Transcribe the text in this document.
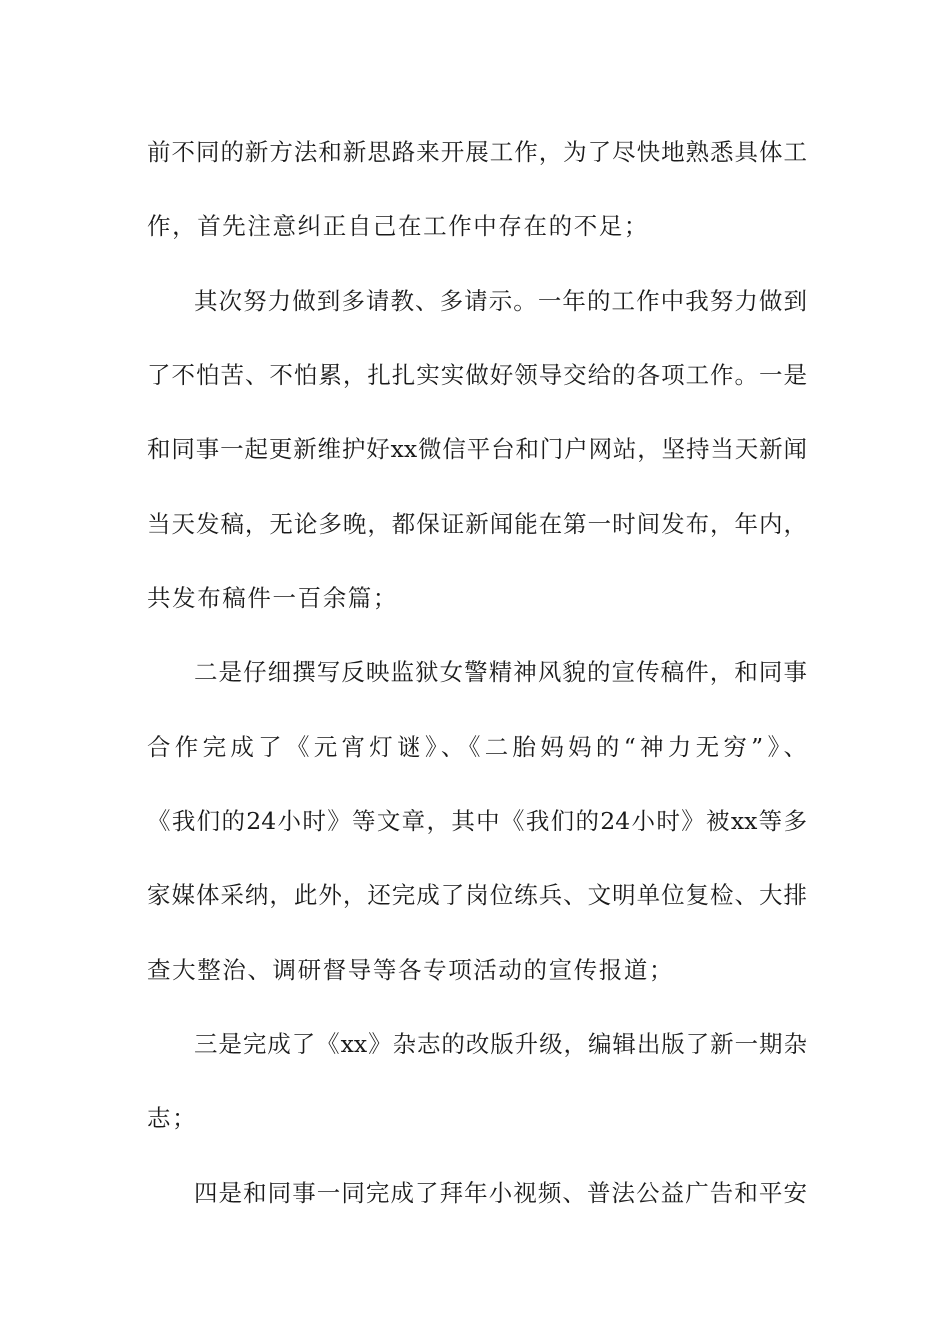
前不同的新方法和新思路来开展工作，为了尽快地熟悉具体工
作，首先注意纠正自己在工作中存在的不足；
其次努力做到多请教、多请示。一年的工作中我努力做到
了不怕苦、不怕累，扎扎实实做好领导交给的各项工作。一是
和同事一起更新维护好xx微信平台和门户网站，坚持当天新闻
当天发稿，无论多晚，都保证新闻能在第一时间发布，年内，
共发布稿件一百余篇；
二是仔细撰写反映监狱女警精神风貌的宣传稿件，和同事
合作完成了《元宵灯谜》、《二胎妈妈的“神力无穷”》、
《我们的24小时》等文章，其中《我们的24小时》被xx等多
家媒体采纳，此外，还完成了岗位练兵、文明单位复检、大排
查大整治、调研督导等各专项活动的宣传报道；
三是完成了《xx》杂志的改版升级，编辑出版了新一期杂
志；
四是和同事一同完成了拜年小视频、普法公益广告和平安
